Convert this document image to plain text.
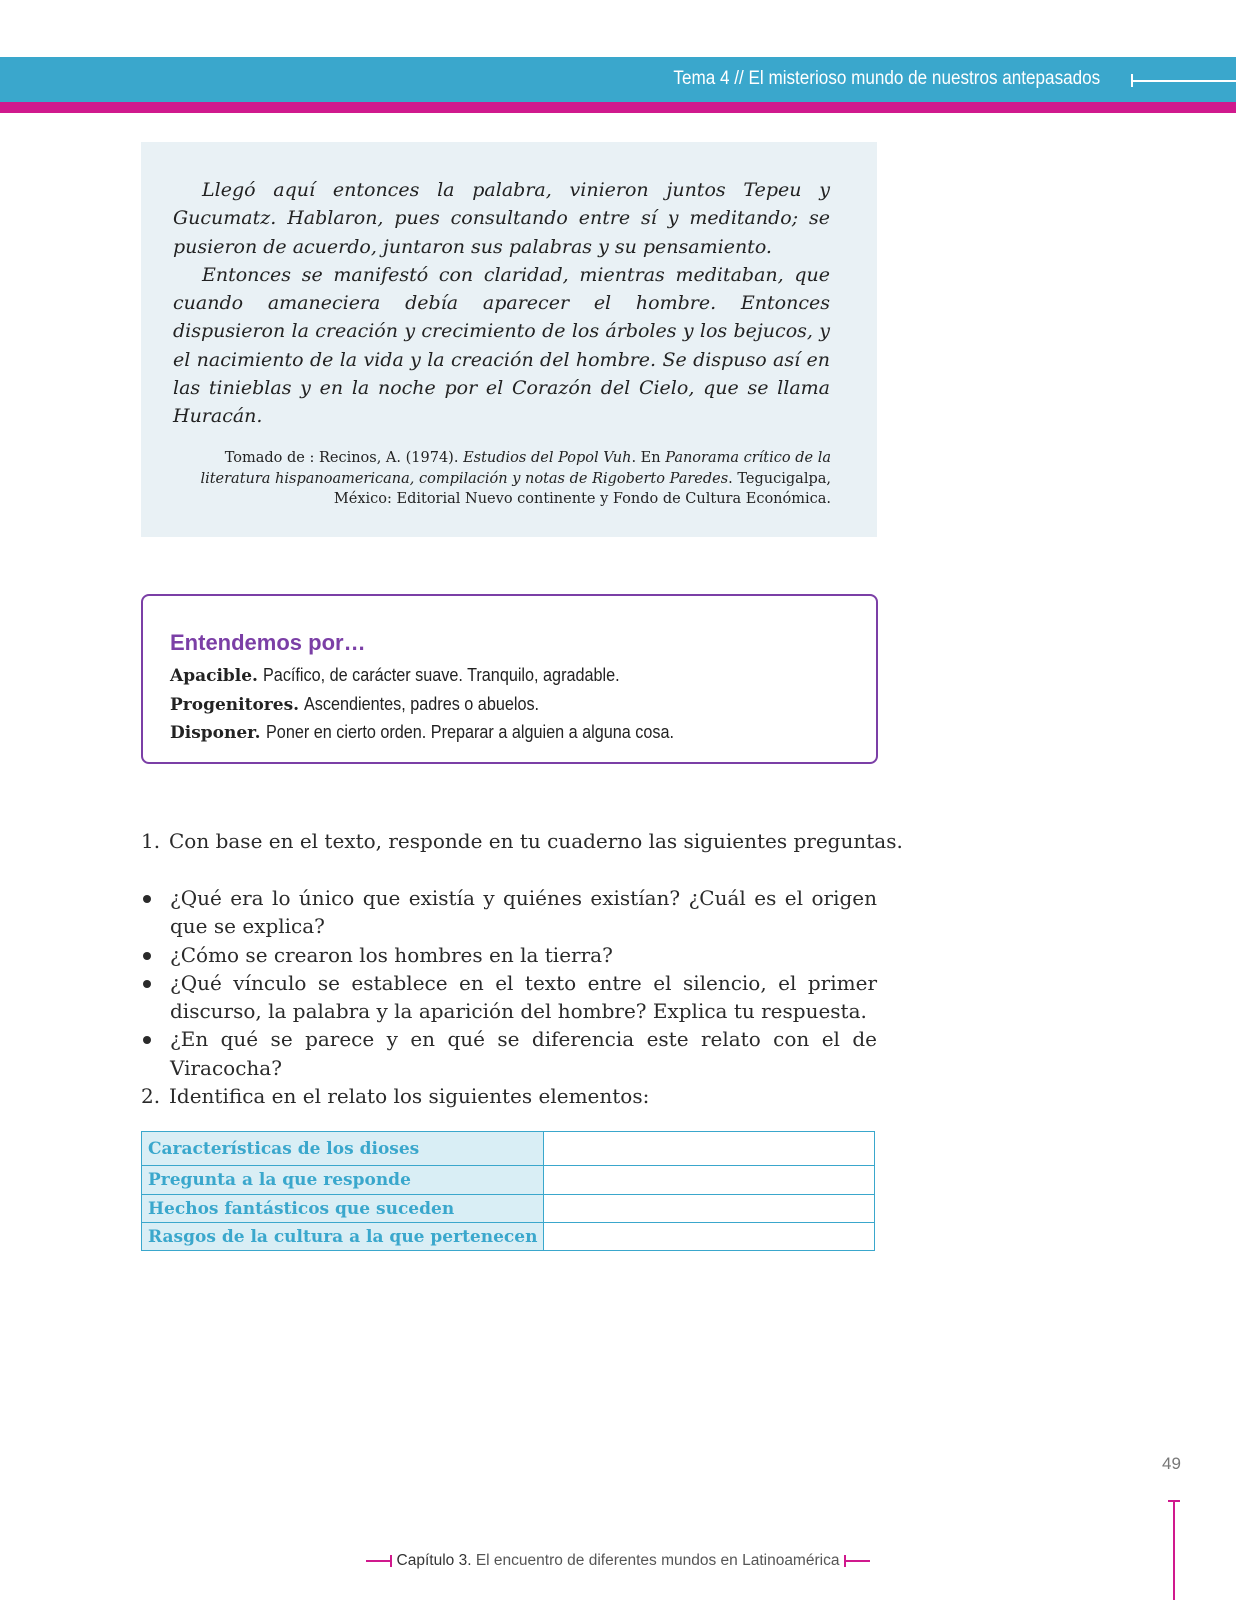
Tema 4 // El misterioso mundo de nuestros antepasados

Llegó aquí entonces la palabra, vinieron juntos Tepeu y Gucumatz. Hablaron, pues consultando entre sí y meditando; se pusieron de acuerdo, juntaron sus palabras y su pensamiento.

Entonces se manifestó con claridad, mientras meditaban, que cuando amaneciera debía aparecer el hombre. Entonces dispusieron la creación y crecimiento de los árboles y los bejucos, y el nacimiento de la vida y la creación del hombre. Se dispuso así en las tinieblas y en la noche por el Corazón del Cielo, que se llama Huracán.

Tomado de : Recinos, A. (1974). Estudios del Popol Vuh. En Panorama crítico de la literatura hispanoamericana, compilación y notas de Rigoberto Paredes. Tegucigalpa, México: Editorial Nuevo continente y Fondo de Cultura Económica.
Entendemos por…
Apacible. Pacífico, de carácter suave. Tranquilo, agradable.
Progenitores. Ascendientes, padres o abuelos.
Disponer. Poner en cierto orden. Preparar a alguien a alguna cosa.
1. Con base en el texto, responde en tu cuaderno las siguientes preguntas.
¿Qué era lo único que existía y quiénes existían? ¿Cuál es el origen que se explica?
¿Cómo se crearon los hombres en la tierra?
¿Qué vínculo se establece en el texto entre el silencio, el primer discurso, la palabra y la aparición del hombre? Explica tu respuesta.
¿En qué se parece y en qué se diferencia este relato con el de Viracocha?
2. Identifica en el relato los siguientes elementos:
Características de los dioses	
Pregunta a la que responde	
Hechos fantásticos que suceden	
Rasgos de la cultura a la que pertenecen	
49
Capítulo 3. El encuentro de diferentes mundos en Latinoamérica
